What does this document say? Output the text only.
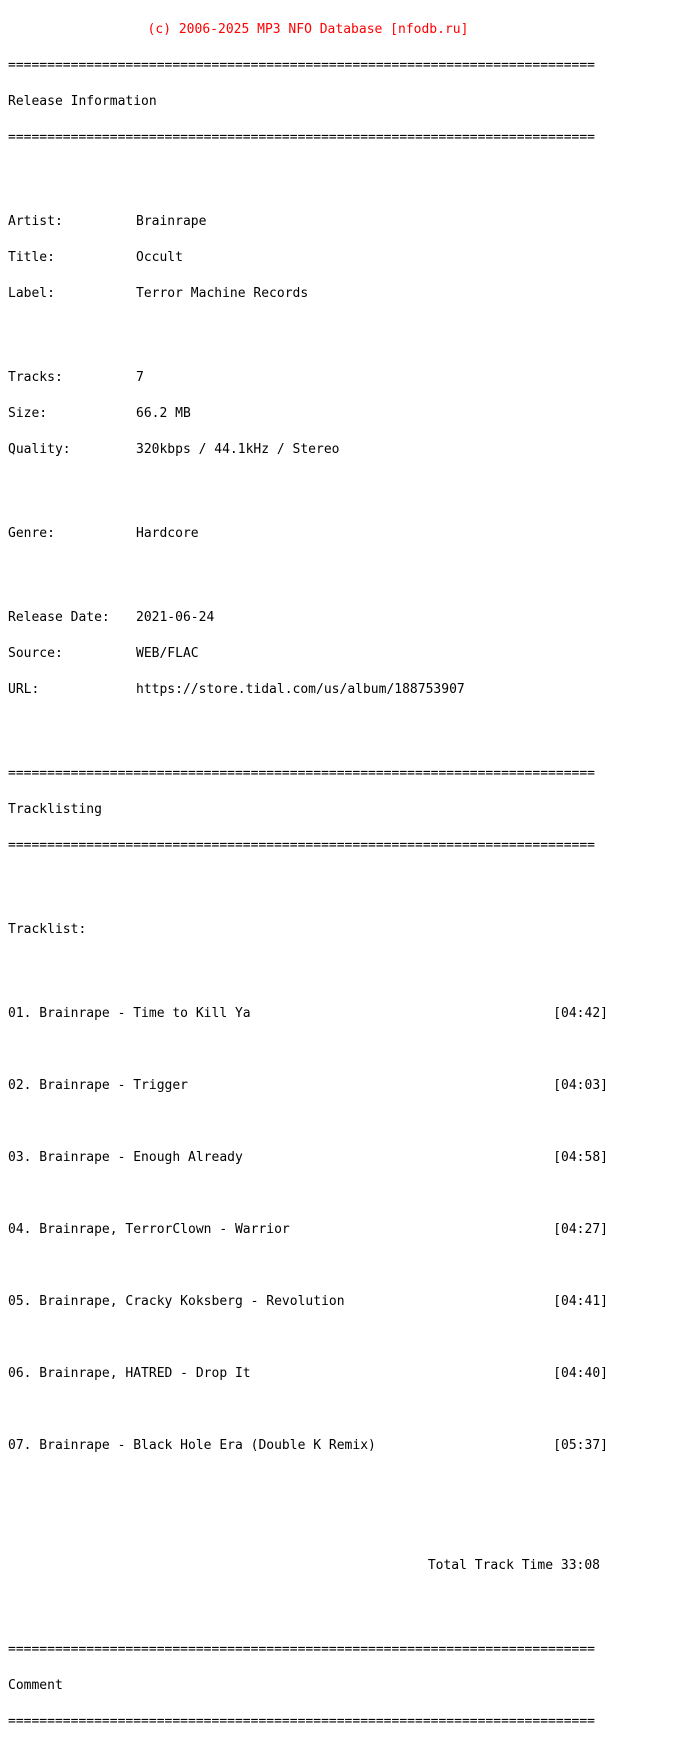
(c) 2006-2025 MP3 NFO Database [nfodb.ru]

===========================================================================

Release Information

===========================================================================

Artist:	Brainrape

Title:	Occult

Label:	Terror Machine Records

Tracks:	7

Size:	66.2 MB

Quality:	320kbps / 44.1kHz / Stereo

Genre:	Hardcore

Release Date: 2021-06-24

Source:	WEB/FLAC

URL:	https://store.tidal.com/us/album/188753907

===========================================================================

Tracklisting

===========================================================================

Tracklist:

01. Brainrape - Time to Kill Ya	[04:42]

02. Brainrape - Trigger	[04:03]

03. Brainrape - Enough Already	[04:58]

04. Brainrape, TerrorClown - Warrior	[04:27]

05. Brainrape, Cracky Koksberg - Revolution	[04:41]

06. Brainrape, HATRED - Drop It	[04:40]

07. Brainrape - Black Hole Era (Double K Remix)	[05:37]

Total Track Time 33:08

===========================================================================

Comment

===========================================================================
